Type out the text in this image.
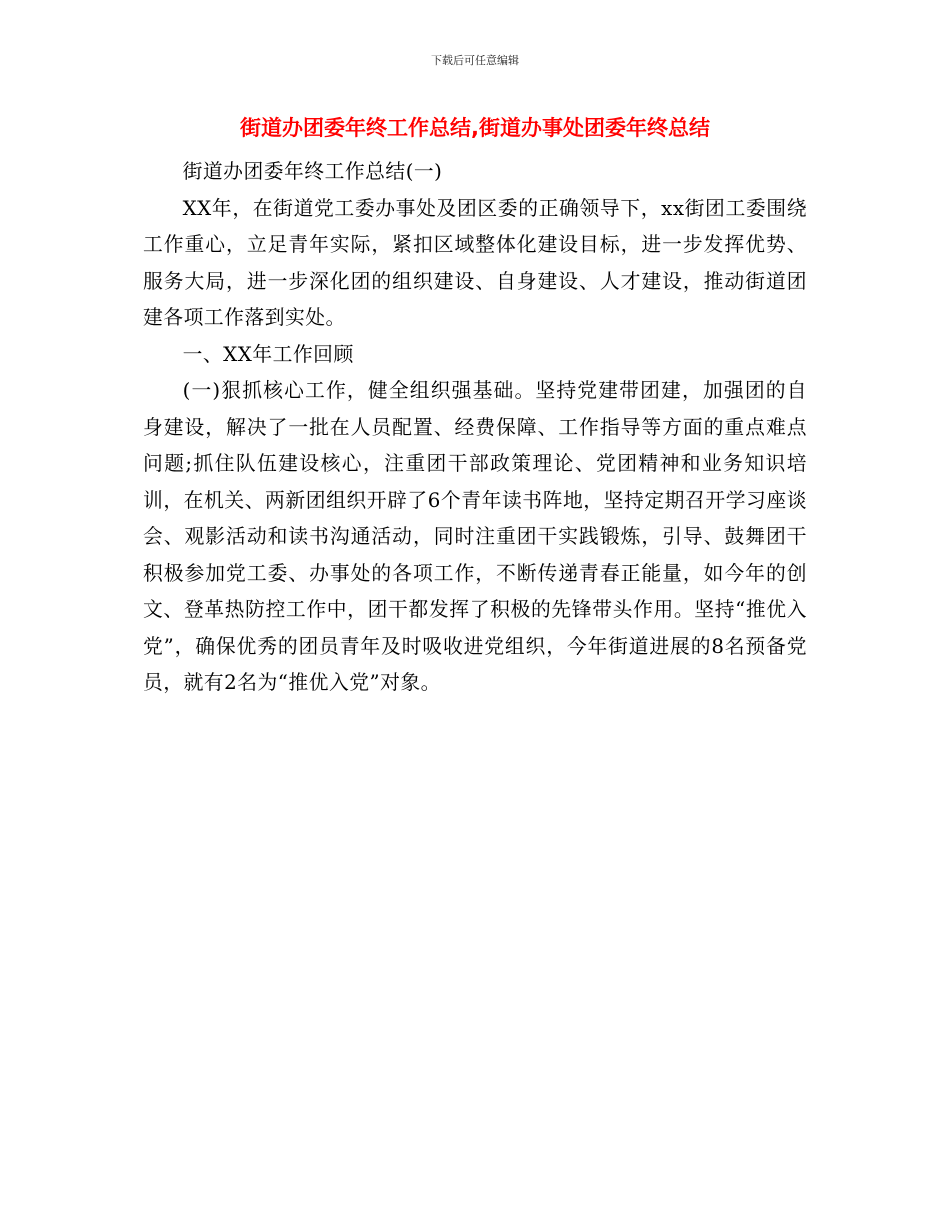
下载后可任意编辑
街道办团委年终工作总结,街道办事处团委年终总结

街道办团委年终工作总结(一)

XX年，在街道党工委办事处及团区委的正确领导下，xx街团工委围绕工作重心，立足青年实际，紧扣区域整体化建设目标，进一步发挥优势、服务大局，进一步深化团的组织建设、自身建设、人才建设，推动街道团建各项工作落到实处。

一、XX年工作回顾

(一)狠抓核心工作，健全组织强基础。坚持党建带团建，加强团的自身建设，解决了一批在人员配置、经费保障、工作指导等方面的重点难点问题;抓住队伍建设核心，注重团干部政策理论、党团精神和业务知识培训，在机关、两新团组织开辟了6个青年读书阵地，坚持定期召开学习座谈会、观影活动和读书沟通活动，同时注重团干实践锻炼，引导、鼓舞团干积极参加党工委、办事处的各项工作，不断传递青春正能量，如今年的创文、登革热防控工作中，团干都发挥了积极的先锋带头作用。坚持“推优入党”，确保优秀的团员青年及时吸收进党组织，今年街道进展的8名预备党员，就有2名为“推优入党”对象。
